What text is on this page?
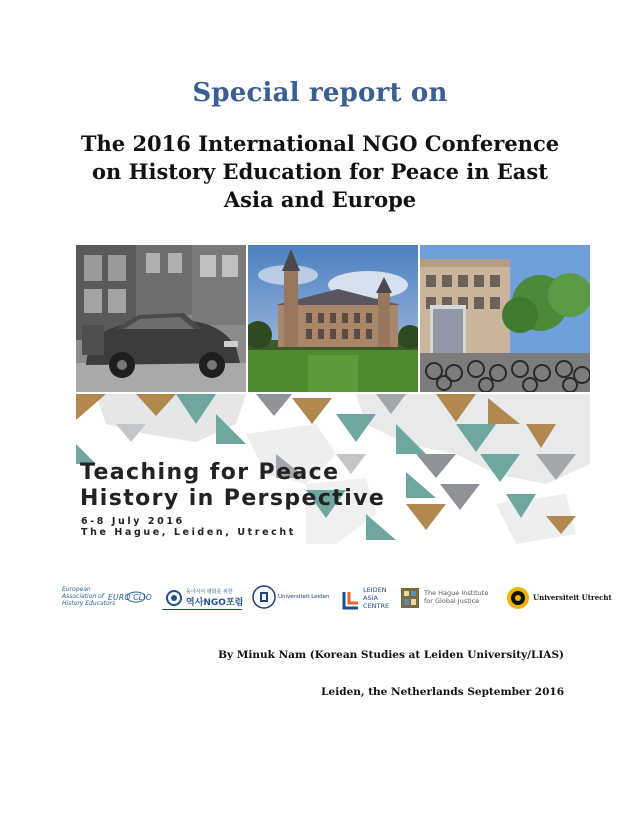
Special report on
The 2016 International NGO Conference
on History Education for Peace in East
Asia and Europe
Teaching for Peace
History in Perspective
6-8 July 2016
The Hague, Leiden, Utrecht
European
Association of
History Educators
EURO CLIO
동아시아 평화를 위한
역사NGO포럼
Universiteit Leiden
LEIDEN
ASIA
CENTRE
The Hague Institute
for Global Justice	Universiteit Utrecht
By Minuk Nam (Korean Studies at Leiden University/LIAS)
Leiden, the Netherlands September 2016
